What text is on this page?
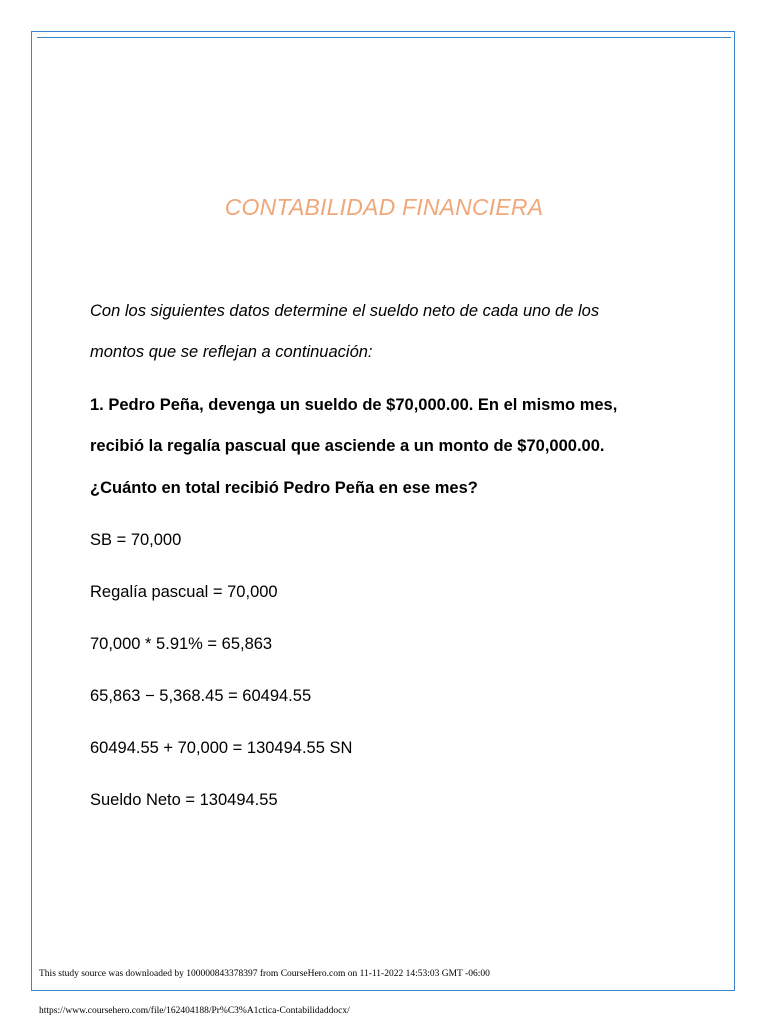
CONTABILIDAD FINANCIERA
Con los siguientes datos determine el sueldo neto de cada uno de los
montos que se reflejan a continuación:
1. Pedro Peña, devenga un sueldo de $70,000.00. En el mismo mes,
recibió la regalía pascual que asciende a un monto de $70,000.00.
¿Cuánto en total recibió Pedro Peña en ese mes?
SB = 70,000
Regalía pascual = 70,000
70,000 * 5.91% = 65,863
65,863 − 5,368.45 = 60494.55
60494.55 + 70,000 = 130494.55 SN
Sueldo Neto = 130494.55
This study source was downloaded by 100000843378397 from CourseHero.com on 11-11-2022 14:53:03 GMT -06:00
https://www.coursehero.com/file/162404188/Pr%C3%A1ctica-Contabilidaddocx/
